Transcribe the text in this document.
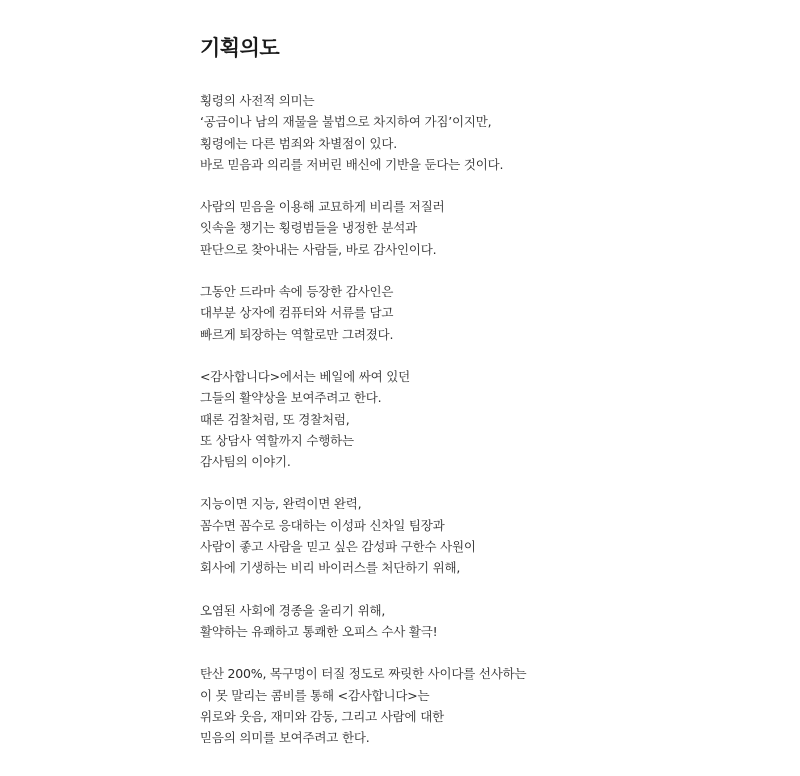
기획의도
횡령의 사전적 의미는
‘공금이나 남의 재물을 불법으로 차지하여 가짐’이지만,
횡령에는 다른 범죄와 차별점이 있다.
바로 믿음과 의리를 저버린 배신에 기반을 둔다는 것이다.
사람의 믿음을 이용해 교묘하게 비리를 저질러
잇속을 챙기는 횡령범들을 냉정한 분석과
판단으로 찾아내는 사람들, 바로 감사인이다.
그동안 드라마 속에 등장한 감사인은
대부분 상자에 컴퓨터와 서류를 담고
빠르게 퇴장하는 역할로만 그려졌다.
<감사합니다>에서는 베일에 싸여 있던
그들의 활약상을 보여주려고 한다.
때론 검찰처럼, 또 경찰처럼,
또 상담사 역할까지 수행하는
감사팀의 이야기.
지능이면 지능, 완력이면 완력,
꼼수면 꼼수로 응대하는 이성파 신차일 팀장과
사람이 좋고 사람을 믿고 싶은 감성파 구한수 사원이
회사에 기생하는 비리 바이러스를 처단하기 위해,
오염된 사회에 경종을 울리기 위해,
활약하는 유쾌하고 통쾌한 오피스 수사 활극!
탄산 200%, 목구멍이 터질 정도로 짜릿한 사이다를 선사하는
이 못 말리는 콤비를 통해 <감사합니다>는
위로와 웃음, 재미와 감동, 그리고 사람에 대한
믿음의 의미를 보여주려고 한다.
